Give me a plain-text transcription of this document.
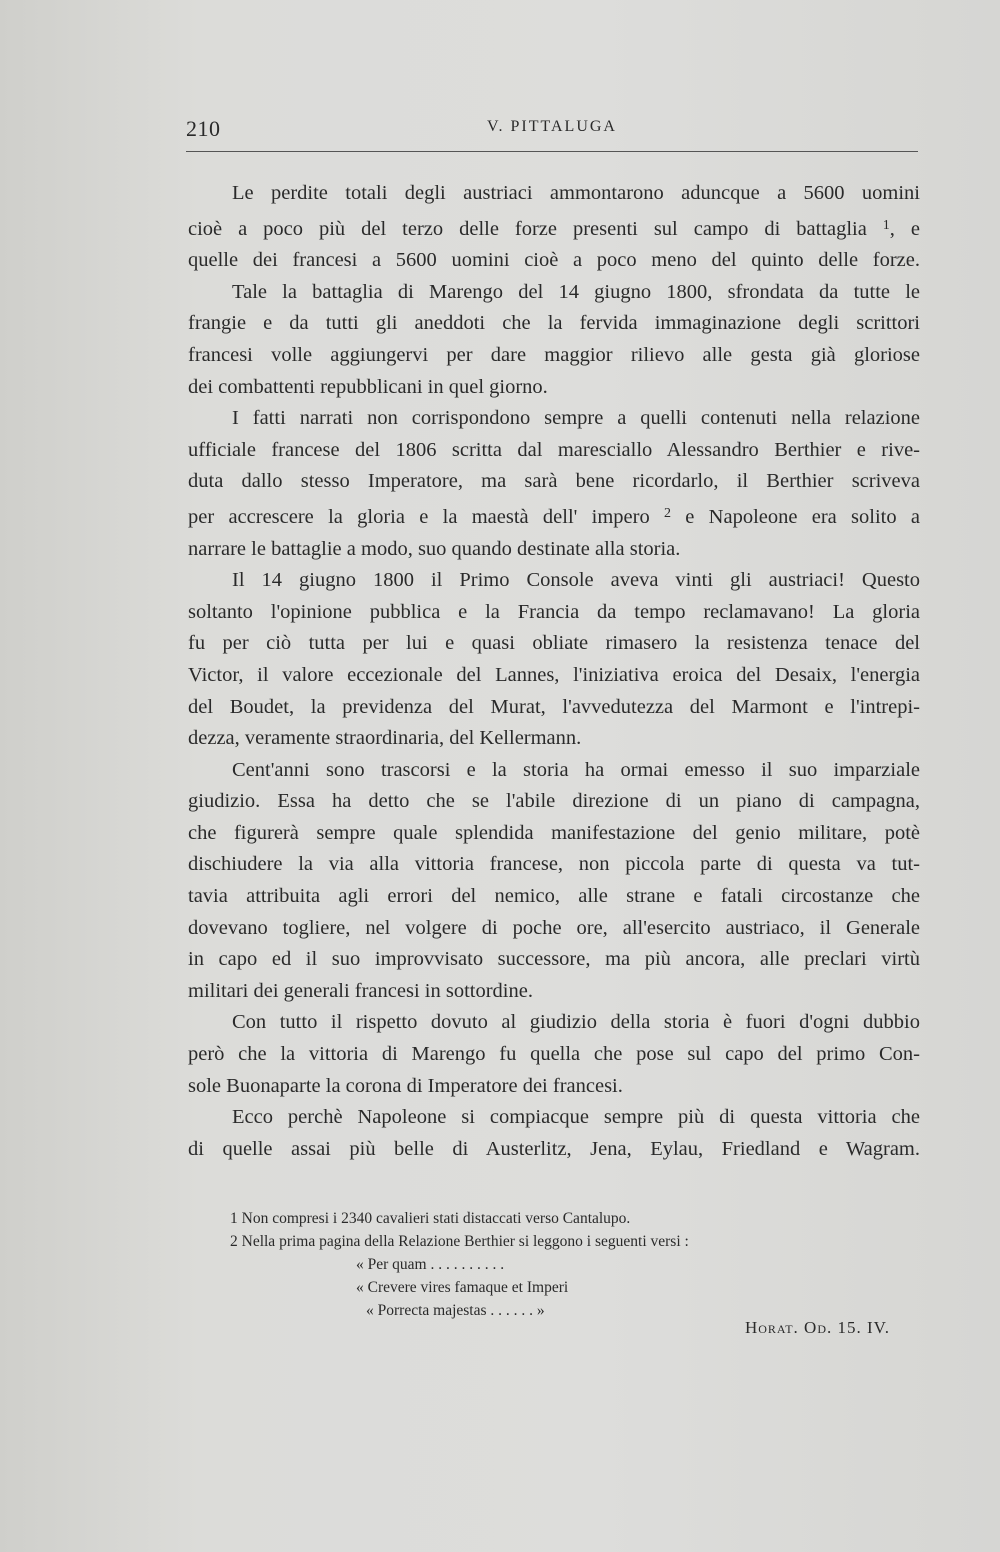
210	V. PITTALUGA
Le perdite totali degli austriaci ammontarono aduncque a 5600 uomini
cioè a poco più del terzo delle forze presenti sul campo di battaglia $^1$, e
quelle dei francesi a 5600 uomini cioè a poco meno del quinto delle forze.
Tale la battaglia di Marengo del 14 giugno 1800, sfrondata da tutte le
frangie e da tutti gli aneddoti che la fervida immaginazione degli scrittori
francesi volle aggiungervi per dare maggior rilievo alle gesta già gloriose
dei combattenti repubblicani in quel giorno.
I fatti narrati non corrispondono sempre a quelli contenuti nella relazione
ufficiale francese del 1806 scritta dal maresciallo Alessandro Berthier e rive-
duta dallo stesso Imperatore, ma sarà bene ricordarlo, il Berthier scriveva
per accrescere la gloria e la maestà dell' impero $^2$ e Napoleone era solito a
narrare le battaglie a modo, suo quando destinate alla storia.
Il 14 giugno 1800 il Primo Console aveva vinti gli austriaci! Questo
soltanto l'opinione pubblica e la Francia da tempo reclamavano! La gloria
fu per ciò tutta per lui e quasi obliate rimasero la resistenza tenace del
Victor, il valore eccezionale del Lannes, l'iniziativa eroica del Desaix, l'energia
del Boudet, la previdenza del Murat, l'avvedutezza del Marmont e l'intrepi-
dezza, veramente straordinaria, del Kellermann.
Cent'anni sono trascorsi e la storia ha ormai emesso il suo imparziale
giudizio. Essa ha detto che se l'abile direzione di un piano di campagna,
che figurerà sempre quale splendida manifestazione del genio militare, potè
dischiudere la via alla vittoria francese, non piccola parte di questa va tut-
tavia attribuita agli errori del nemico, alle strane e fatali circostanze che
dovevano togliere, nel volgere di poche ore, all'esercito austriaco, il Generale
in capo ed il suo improvvisato successore, ma più ancora, alle preclari virtù
militari dei generali francesi in sottordine.
Con tutto il rispetto dovuto al giudizio della storia è fuori d'ogni dubbio
però che la vittoria di Marengo fu quella che pose sul capo del primo Con-
sole Buonaparte la corona di Imperatore dei francesi.
Ecco perchè Napoleone si compiacque sempre più di questa vittoria che
di quelle assai più belle di Austerlitz, Jena, Eylau, Friedland e Wagram.
1 Non compresi i 2340 cavalieri stati distaccati verso Cantalupo.
2 Nella prima pagina della Relazione Berthier si leggono i seguenti versi :
« Per quam . . . . . . . . . .
« Crevere vires famaque et Imperi
« Porrecta majestas . . . . . . »
Horat. Od. 15. IV.
